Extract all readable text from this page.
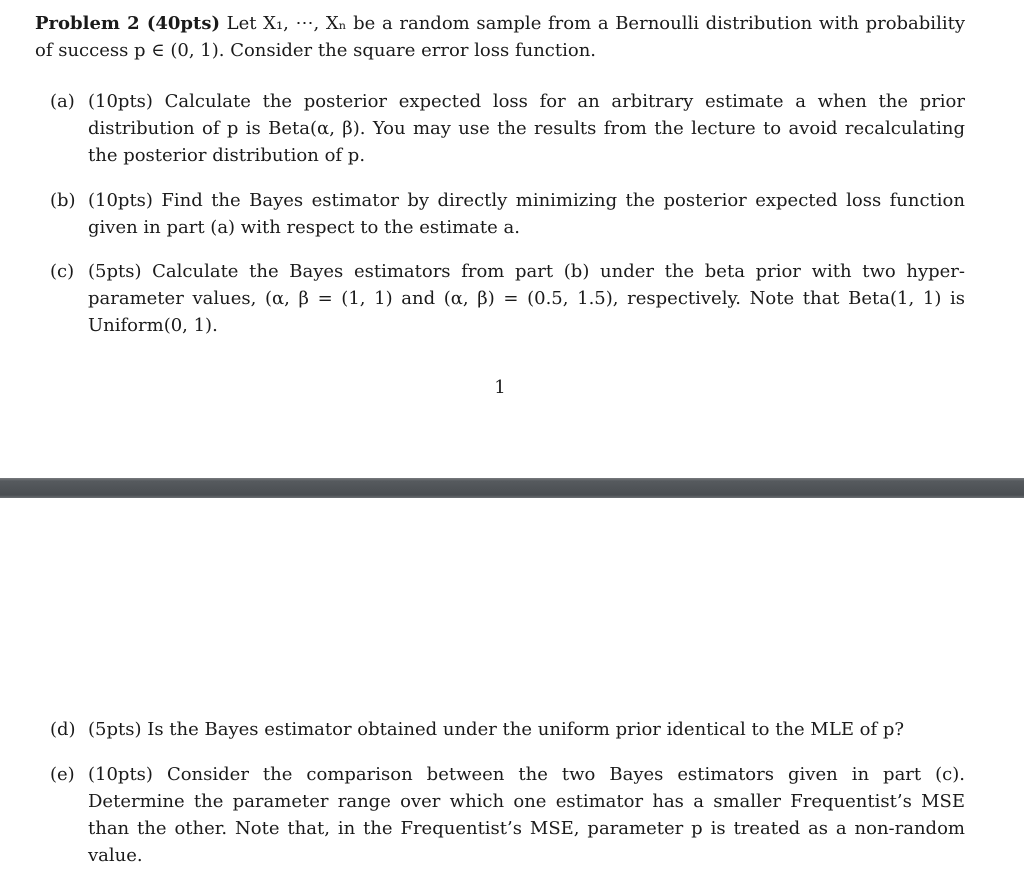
Problem 2 (40pts) Let X₁, ⋯, Xₙ be a random sample from a Bernoulli distribution with probability of success p ∈ (0, 1). Consider the square error loss function.
(a) (10pts) Calculate the posterior expected loss for an arbitrary estimate a when the prior distribution of p is Beta(α, β). You may use the results from the lecture to avoid recalculating the posterior distribution of p.
(b) (10pts) Find the Bayes estimator by directly minimizing the posterior expected loss function given in part (a) with respect to the estimate a.
(c) (5pts) Calculate the Bayes estimators from part (b) under the beta prior with two hyper-parameter values, (α, β = (1, 1) and (α, β) = (0.5, 1.5), respectively. Note that Beta(1, 1) is Uniform(0, 1).
1
(d) (5pts) Is the Bayes estimator obtained under the uniform prior identical to the MLE of p?
(e) (10pts) Consider the comparison between the two Bayes estimators given in part (c). Determine the parameter range over which one estimator has a smaller Frequentist’s MSE than the other. Note that, in the Frequentist’s MSE, parameter p is treated as a non-random value.
